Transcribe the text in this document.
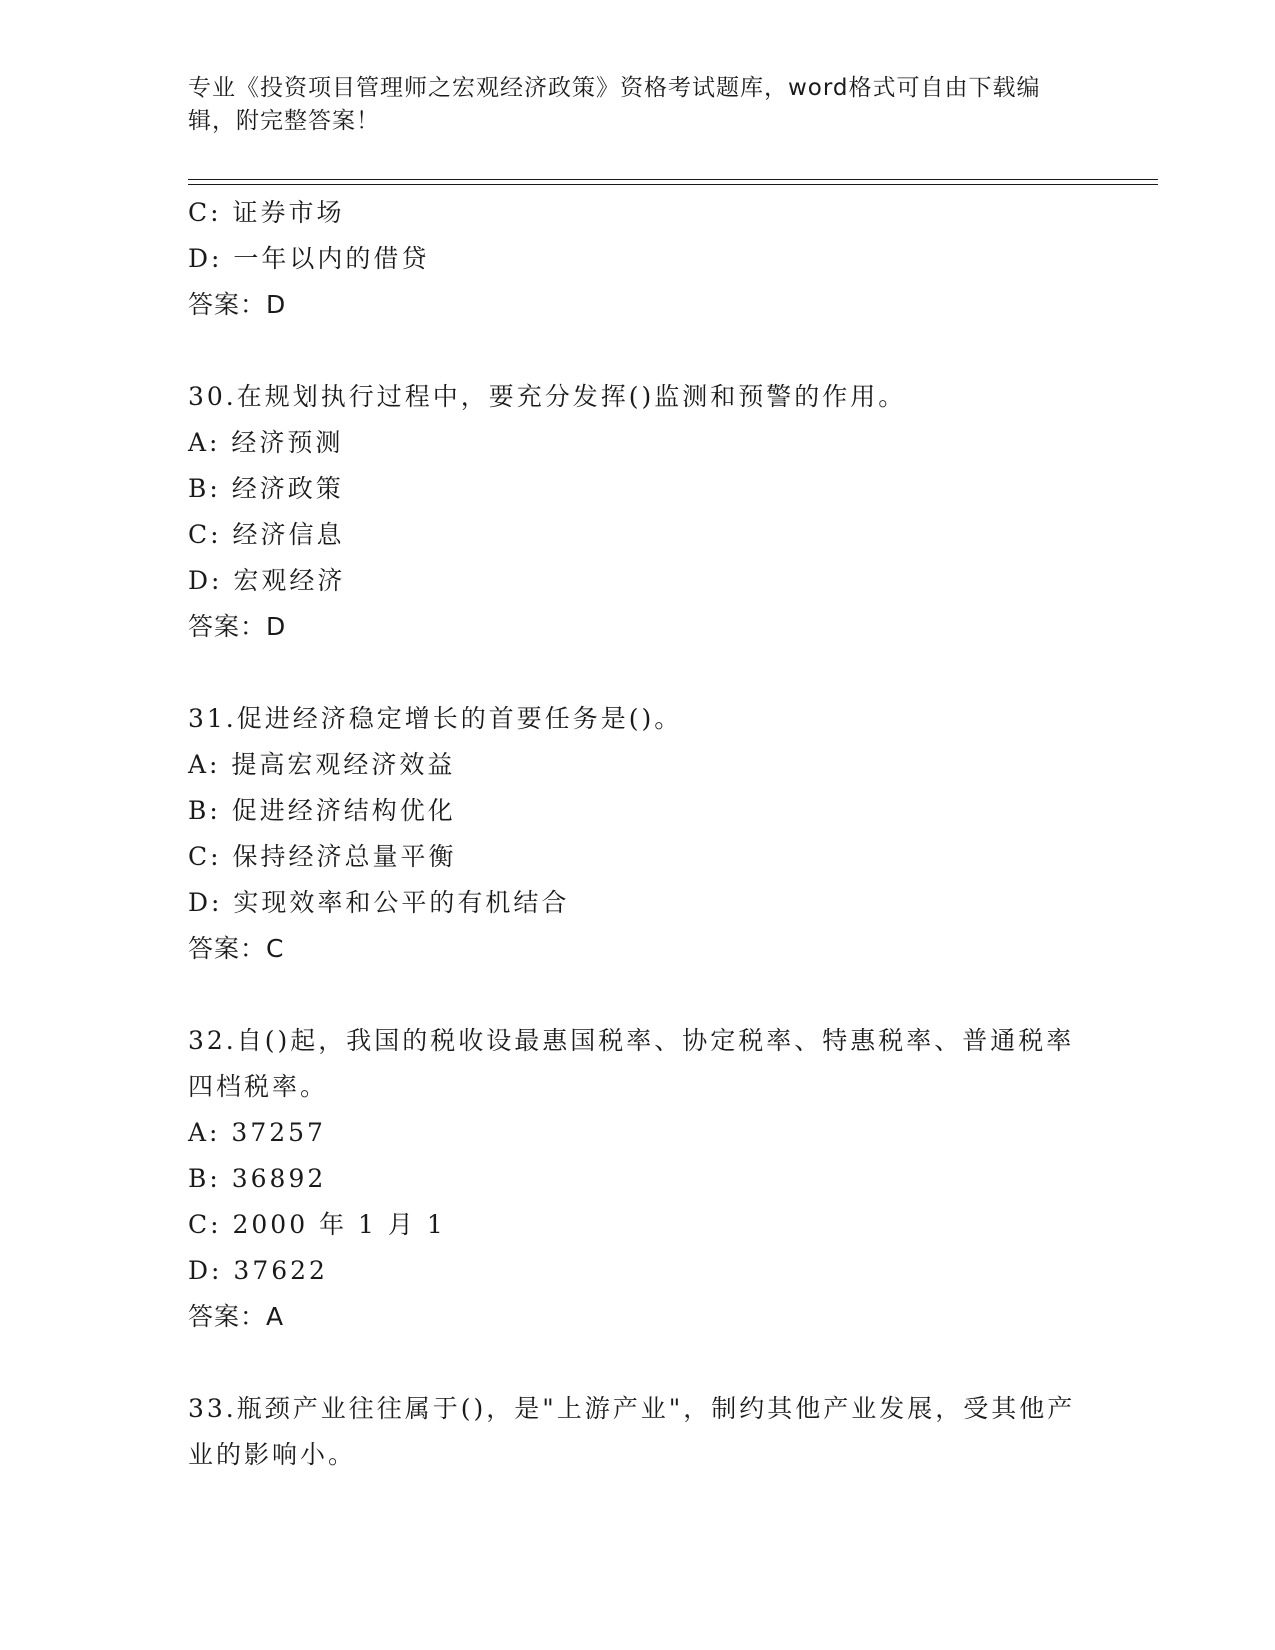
专业《投资项目管理师之宏观经济政策》资格考试题库，word格式可自由下载编辑，附完整答案！
C: 证券市场
D: 一年以内的借贷
答案：D
30.在规划执行过程中，要充分发挥()监测和预警的作用。
A: 经济预测
B: 经济政策
C: 经济信息
D: 宏观经济
答案：D
31.促进经济稳定增长的首要任务是()。
A: 提高宏观经济效益
B: 促进经济结构优化
C: 保持经济总量平衡
D: 实现效率和公平的有机结合
答案：C
32.自()起，我国的税收设最惠国税率、协定税率、特惠税率、普通税率四档税率。
A: 37257
B: 36892
C: 2000 年 1 月 1
D: 37622
答案：A
33.瓶颈产业往往属于()，是"上游产业"，制约其他产业发展，受其他产业的影响小。
